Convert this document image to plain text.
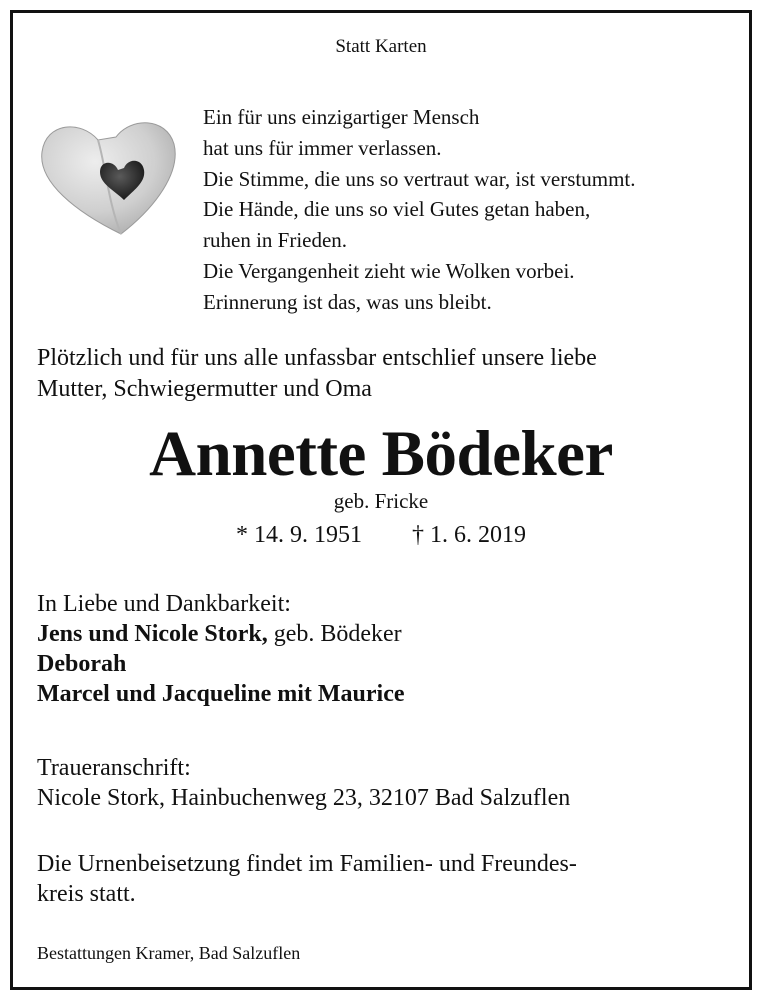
Statt Karten
Ein für uns einzigartiger Mensch
hat uns für immer verlassen.
Die Stimme, die uns so vertraut war, ist verstummt.
Die Hände, die uns so viel Gutes getan haben,
ruhen in Frieden.
Die Vergangenheit zieht wie Wolken vorbei.
Erinnerung ist das, was uns bleibt.
Plötzlich und für uns alle unfassbar entschlief unsere liebe
Mutter, Schwiegermutter und Oma
Annette Bödeker
geb. Fricke
* 14. 9. 1951 † 1. 6. 2019
In Liebe und Dankbarkeit:
Jens und Nicole Stork, geb. Bödeker
Deborah
Marcel und Jacqueline mit Maurice
Traueranschrift:
Nicole Stork, Hainbuchenweg 23, 32107 Bad Salzuflen
Die Urnenbeisetzung findet im Familien- und Freundes-
kreis statt.
Bestattungen Kramer, Bad Salzuflen
